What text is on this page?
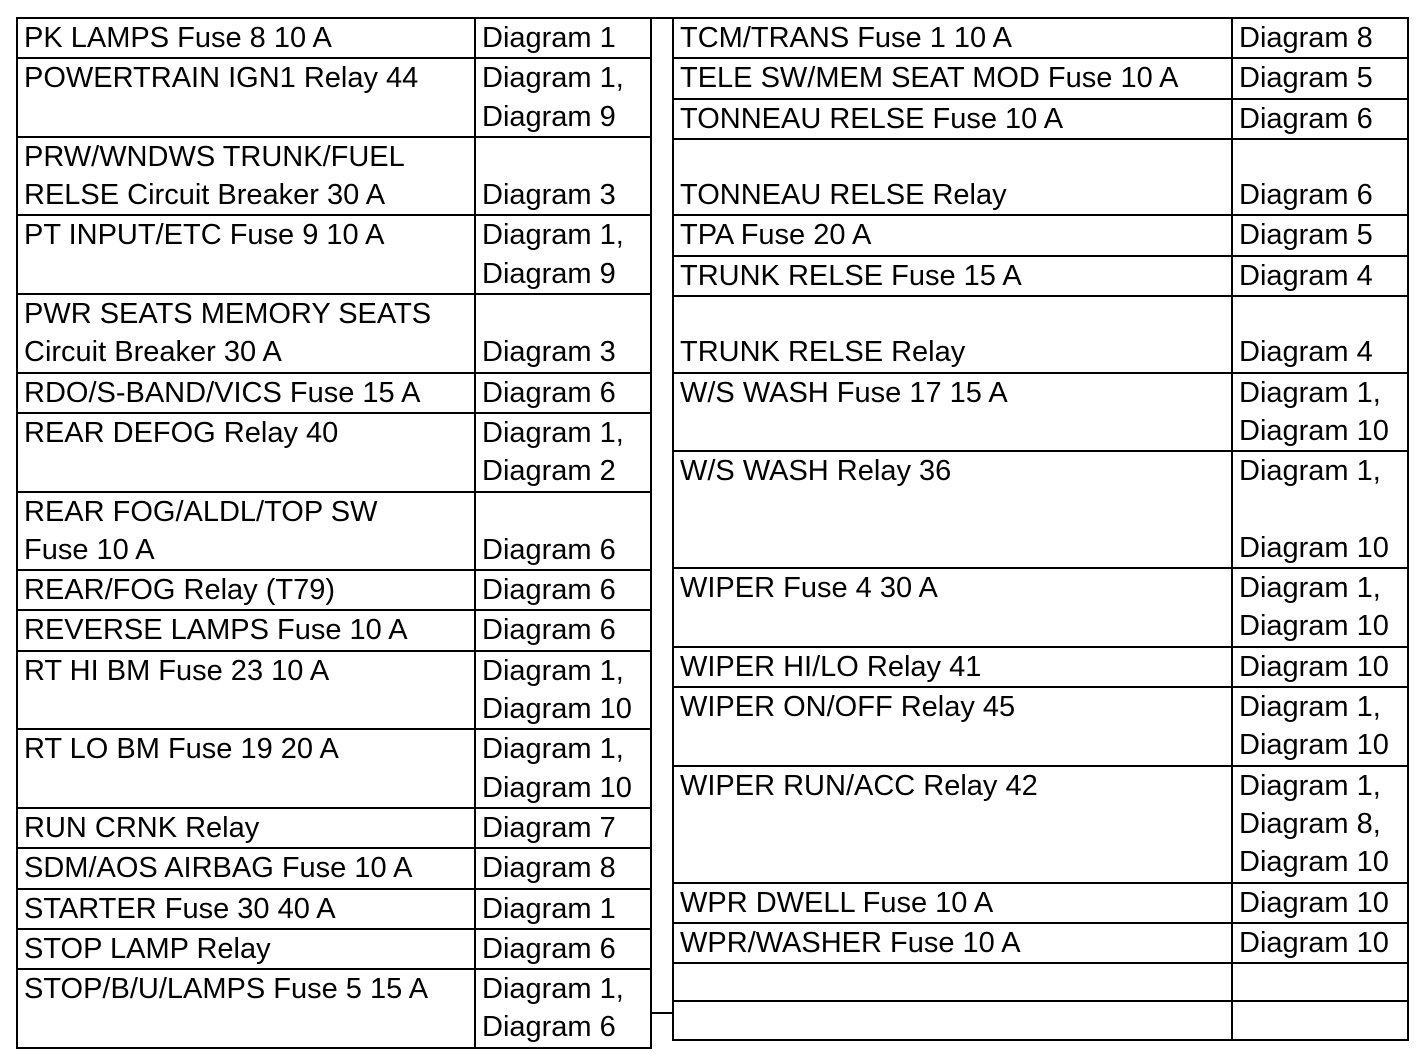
PK LAMPS Fuse 8 10 A	Diagram 1
POWERTRAIN IGN1 Relay 44	Diagram 1,
Diagram 9
PRW/WNDWS TRUNK/FUEL
RELSE Circuit Breaker 30 A	Diagram 3
PT INPUT/ETC Fuse 9 10 A	Diagram 1,
Diagram 9
PWR SEATS MEMORY SEATS
Circuit Breaker 30 A	Diagram 3
RDO/S-BAND/VICS Fuse 15 A	Diagram 6
REAR DEFOG Relay 40	Diagram 1,
Diagram 2
REAR FOG/ALDL/TOP SW
Fuse 10 A	Diagram 6
REAR/FOG Relay (T79)	Diagram 6
REVERSE LAMPS Fuse 10 A	Diagram 6
RT HI BM Fuse 23 10 A	Diagram 1,
Diagram 10
RT LO BM Fuse 19 20 A	Diagram 1,
Diagram 10
RUN CRNK Relay	Diagram 7
SDM/AOS AIRBAG Fuse 10 A	Diagram 8
STARTER Fuse 30 40 A	Diagram 1
STOP LAMP Relay	Diagram 6
STOP/B/U/LAMPS Fuse 5 15 A	Diagram 1,
Diagram 6
TCM/TRANS Fuse 1 10 A	Diagram 8
TELE SW/MEM SEAT MOD Fuse 10 A	Diagram 5
TONNEAU RELSE Fuse 10 A	Diagram 6
TONNEAU RELSE Relay	Diagram 6
TPA Fuse 20 A	Diagram 5
TRUNK RELSE Fuse 15 A	Diagram 4
TRUNK RELSE Relay	Diagram 4
W/S WASH Fuse 17 15 A	Diagram 1,
Diagram 10
W/S WASH Relay 36	Diagram 1,

Diagram 10
WIPER Fuse 4 30 A	Diagram 1,
Diagram 10
WIPER HI/LO Relay 41	Diagram 10
WIPER ON/OFF Relay 45	Diagram 1,
Diagram 10
WIPER RUN/ACC Relay 42	Diagram 1,
Diagram 8,
Diagram 10
WPR DWELL Fuse 10 A	Diagram 10
WPR/WASHER Fuse 10 A	Diagram 10
